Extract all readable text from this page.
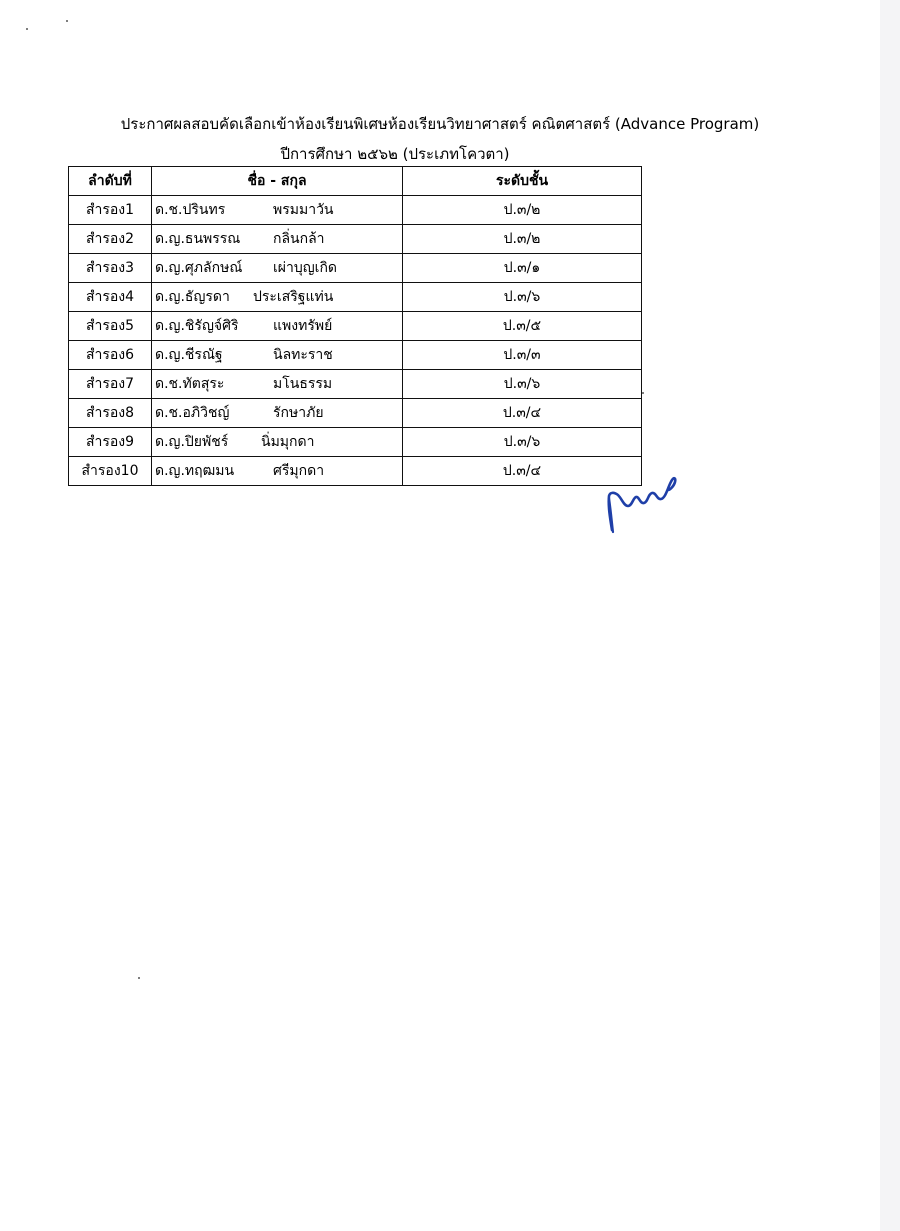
ประกาศผลสอบคัดเลือกเข้าห้องเรียนพิเศษห้องเรียนวิทยาศาสตร์ คณิตศาสตร์ (Advance Program)
ปีการศึกษา ๒๕๖๒ (ประเภทโควตา)
ลำดับที่	ชื่อ - สกุล	ระดับชั้น
สำรอง1	ด.ช.ปรินทร พรมมาวัน	ป.๓/๒
สำรอง2	ด.ญ.ธนพรรณ กลิ่นกล้า	ป.๓/๒
สำรอง3	ด.ญ.ศุภลักษณ์ เผ่าบุญเกิด	ป.๓/๑
สำรอง4	ด.ญ.ธัญรดา ประเสริฐแท่น	ป.๓/๖
สำรอง5	ด.ญ.ชิรัญจ์ศิริ แพงทรัพย์	ป.๓/๕
สำรอง6	ด.ญ.ชีรณัฐ นิลทะราช	ป.๓/๓
สำรอง7	ด.ช.ทัตสุระ มโนธรรม	ป.๓/๖
สำรอง8	ด.ช.อภิวิชญ์ รักษาภัย	ป.๓/๔
สำรอง9	ด.ญ.ปิยพัชร์ นิ่มมุกดา	ป.๓/๖
สำรอง10	ด.ญ.ทฤฒมน ศรีมุกดา	ป.๓/๔
